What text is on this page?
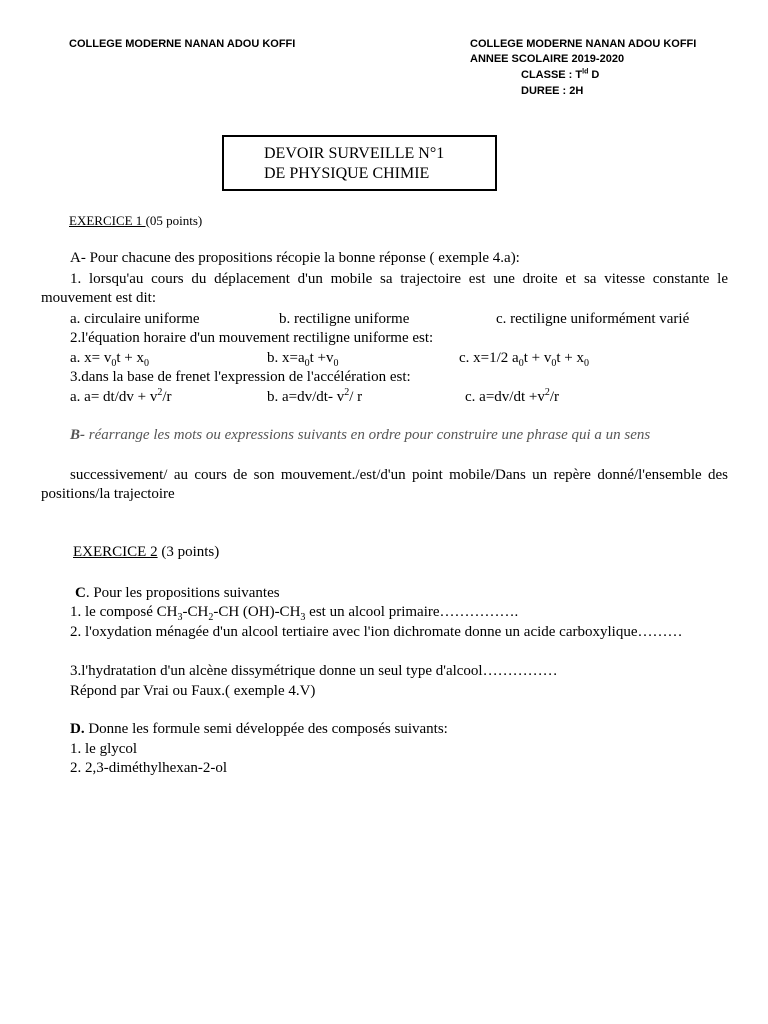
COLLEGE MODERNE NANAN ADOU KOFFI	COLLEGE MODERNE NANAN ADOU KOFFI
ANNEE SCOLAIRE 2019-2020
CLASSE : $T^{ld}$ D
DUREE : 2H
DEVOIR SURVEILLE N°1
DE PHYSIQUE CHIMIE
EXERCICE 1 (05 points)
A- Pour chacune des propositions récopie la bonne réponse ( exemple 4.a):
1. lorsqu'au cours du déplacement d'un mobile sa trajectoire est une droite et sa vitesse constante le mouvement est dit:
a. circulaire uniforme	b. rectiligne uniforme	c. rectiligne uniformément varié
2.l'équation horaire d'un mouvement rectiligne uniforme est:
a. $x= v_0t + x_0$	b. $x=a_0t +v_0$	c. x=1/2 $a_0t + v_0t + x_0$
3.dans la base de frenet l'expression de l'accélération est:
a. $a= dt/dv + v^2/r$	b. a=dv/dt- $v^2/$ r	c. $a=dv/dt +v^2/r$
B- réarrange les mots ou expressions suivants en ordre pour construire une phrase qui a un sens
successivement/ au cours de son mouvement./est/d'un point mobile/Dans un repère donné/l'ensemble des positions/la trajectoire
EXERCICE 2 (3 points)
C. Pour les propositions suivantes
1. le composé $CH_3-CH_2-CH$ $(OH)-CH_3$ est un alcool primaire…………….
2. l'oxydation ménagée d'un alcool tertiaire avec l'ion dichromate donne un acide carboxylique………
3.l'hydratation d'un alcène dissymétrique donne un seul type d'alcool……………
Répond par Vrai ou Faux.( exemple 4.V)
D. Donne les formule semi développée des composés suivants:
1. le glycol
2. 2,3-diméthylhexan-2-ol
